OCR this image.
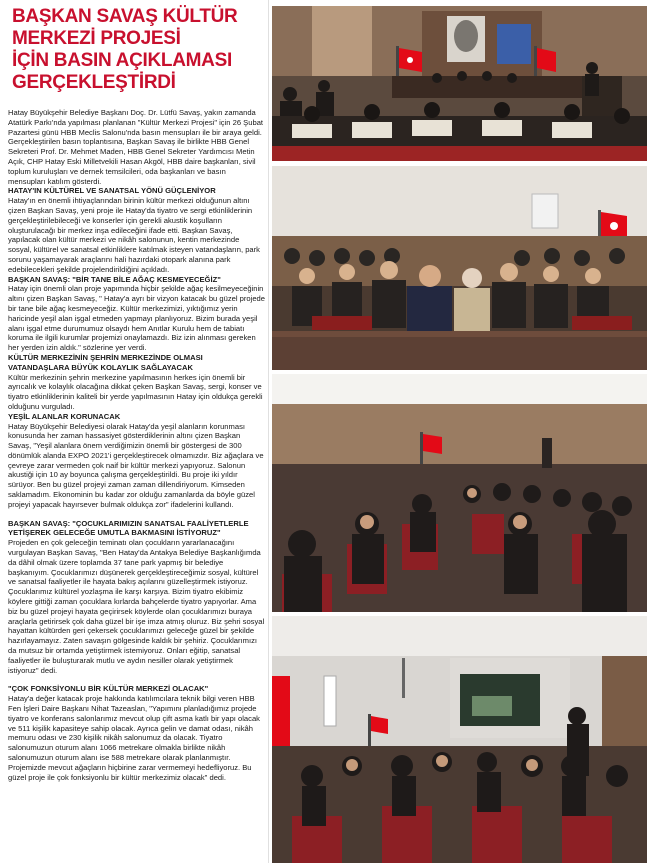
BAŞKAN SAVAŞ KÜLTÜR
MERKEZİ PROJESİ
İÇİN BASIN AÇIKLAMASI
GERÇEKLEŞTİRDİ

Hatay Büyükşehir Belediye Başkanı Doç. Dr. Lütfü Savaş, yakın zamanda Atatürk Parkı'nda yapılması planlanan "Kültür Merkezi Projesi" için 26 Şubat Pazartesi günü HBB Meclis Salonu'nda basın mensupları ile bir araya geldi. Gerçekleştirilen basın toplantısına, Başkan Savaş ile birlikte HBB Genel Sekreteri Prof. Dr. Mehmet Maden, HBB Genel Sekreter Yardımcısı Metin Açık, CHP Hatay Eski Milletvekili Hasan Akgöl, HBB daire başkanları, sivil toplum kuruluşları ve dernek temsilcileri, oda başkanları ve basın mensupları katılım gösterdi.

HATAY'IN KÜLTÜREL VE SANATSAL YÖNÜ GÜÇLENİYOR

Hatay'ın en önemli ihtiyaçlarından birinin kültür merkezi olduğunun altını çizen Başkan Savaş, yeni proje ile Hatay'da tiyatro ve sergi etkinliklerinin gerçekleştirilebileceği ve konserler için gerekli akustik koşulların oluşturulacağı bir merkez inşa edileceğini ifade etti. Başkan Savaş, yapılacak olan kültür merkezi ve nikâh salonunun, kentin merkezinde sosyal, kültürel ve sanatsal etkinliklere katılmak isteyen vatandaşların, park sorunu yaşamayarak araçlarını hali hazırdaki otopark alanına park edebilecekleri şekilde projelendirildiğini açıkladı.

BAŞKAN SAVAŞ: "BİR TANE BİLE AĞAÇ KESMEYECEĞİZ"

Hatay için önemli olan proje yapımında hiçbir şekilde ağaç kesilmeyeceğinin altını çizen Başkan Savaş, " Hatay'a ayrı bir vizyon katacak bu güzel projede bir tane bile ağaç kesmeyeceğiz. Kültür merkezimizi, yıktığımız yerin haricinde yeşil alan işgal etmeden yapmayı planlıyoruz. Bizim burada yeşil alanı işgal etme durumumuz olsaydı hem Anıtlar Kurulu hem de tabiatı koruma ile ilgili kurumlar projemizi onaylamazdı. Biz izin alınması gereken her yerden izin aldık." sözlerine yer verdi.

KÜLTÜR MERKEZİNİN ŞEHRİN MERKEZİNDE OLMASI VATANDAŞLARA BÜYÜK KOLAYLIK SAĞLAYACAK

Kültür merkezinin şehrin merkezine yapılmasının herkes için önemli bir ayrıcalık ve kolaylık olacağına dikkat çeken Başkan Savaş, sergi, konser ve tiyatro etkinliklerinin kaliteli bir yerde yapılmasının Hatay için oldukça gerekli olduğunu vurguladı.

YEŞİL ALANLAR KORUNACAK

Hatay Büyükşehir Belediyesi olarak Hatay'da yeşil alanların korunması konusunda her zaman hassasiyet gösterdiklerinin altını çizen Başkan Savaş, "Yeşil alanlara önem verdiğimizin önemli bir göstergesi de 300 dönümlük alanda EXPO 2021'i gerçekleştirecek olmamızdır. Biz ağaçlara ve çevreye zarar vermeden çok naif bir kültür merkezi yapıyoruz. Salonun akustiği için 10 ay boyunca çalışma gerçekleştirildi. Bu proje iki yıldır sürüyor. Ben bu güzel projeyi zaman zaman dillendiriyorum. Kimseden saklamadım. Ekonominin bu kadar zor olduğu zamanlarda da böyle güzel projeyi yapacak hayırsever bulmak oldukça zor" ifadelerini kullandı.

BAŞKAN SAVAŞ: "ÇOCUKLARIMIZIN SANATSAL FAALİYETLERLE YETİŞEREK GELECEĞE UMUTLA BAKMASINI İSTİYORUZ"

Projeden en çok geleceğin teminatı olan çocukların yararlanacağını vurgulayan Başkan Savaş, "Ben Hatay'da Antakya Belediye Başkanlığımda da dâhil olmak üzere toplamda 37 tane park yapmış bir belediye başkanıyım. Çocuklarımızı düşünerek gerçekleştireceğimiz sosyal, kültürel ve sanatsal faaliyetler ile hayata bakış açılarını güzelleştirmek istiyoruz. Çocuklarımız kültürel yozlaşma ile karşı karşıya. Bizim tiyatro ekibimiz köylere gittiği zaman çocuklara kırlarda bahçelerde tiyatro yapıyorlar. Ama biz bu güzel projeyi hayata geçirirsek köylerde olan çocuklarımızı buraya araçlarla getirirsek çok daha güzel bir işe imza atmış oluruz. Biz şehri sosyal hayattan kültürden geri çekersek çocuklarımızı geleceğe güzel bir şekilde hazırlayamayız. Zaten savaşın gölgesinde kaldık bir şehiriz. Çocuklarımızı da mutsuz bir ortamda yetiştirmek istemiyoruz. Onları eğitip, sanatsal faaliyetler ile buluşturarak mutlu ve aydın nesiller olarak yetiştirmek istiyoruz" dedi.

"ÇOK FONKSİYONLU BİR KÜLTÜR MERKEZİ OLACAK"

Hatay'a değer katacak proje hakkında katılımcılara teknik bilgi veren HBB Fen İşleri Daire Başkanı Nihat Tazeaslan, "Yapımını planladığımız projede tiyatro ve konferans salonlarımız mevcut olup çift asma katlı bir yapı olacak ve 511 kişilik kapasiteye sahip olacak. Ayrıca gelin ve damat odası, nikâh memuru odası ve 230 kişilik nikâh salonumuz da olacak. Tiyatro salonumuzun oturum alanı 1066 metrekare olmakla birlikte nikâh salonumuzun oturum alanı ise 588 metrekare olarak planlanmıştır. Projemizde mevcut ağaçların hiçbirine zarar vermemeyi hedefliyoruz. Bu güzel proje ile çok fonksiyonlu bir kültür merkezimiz olacak" dedi.
